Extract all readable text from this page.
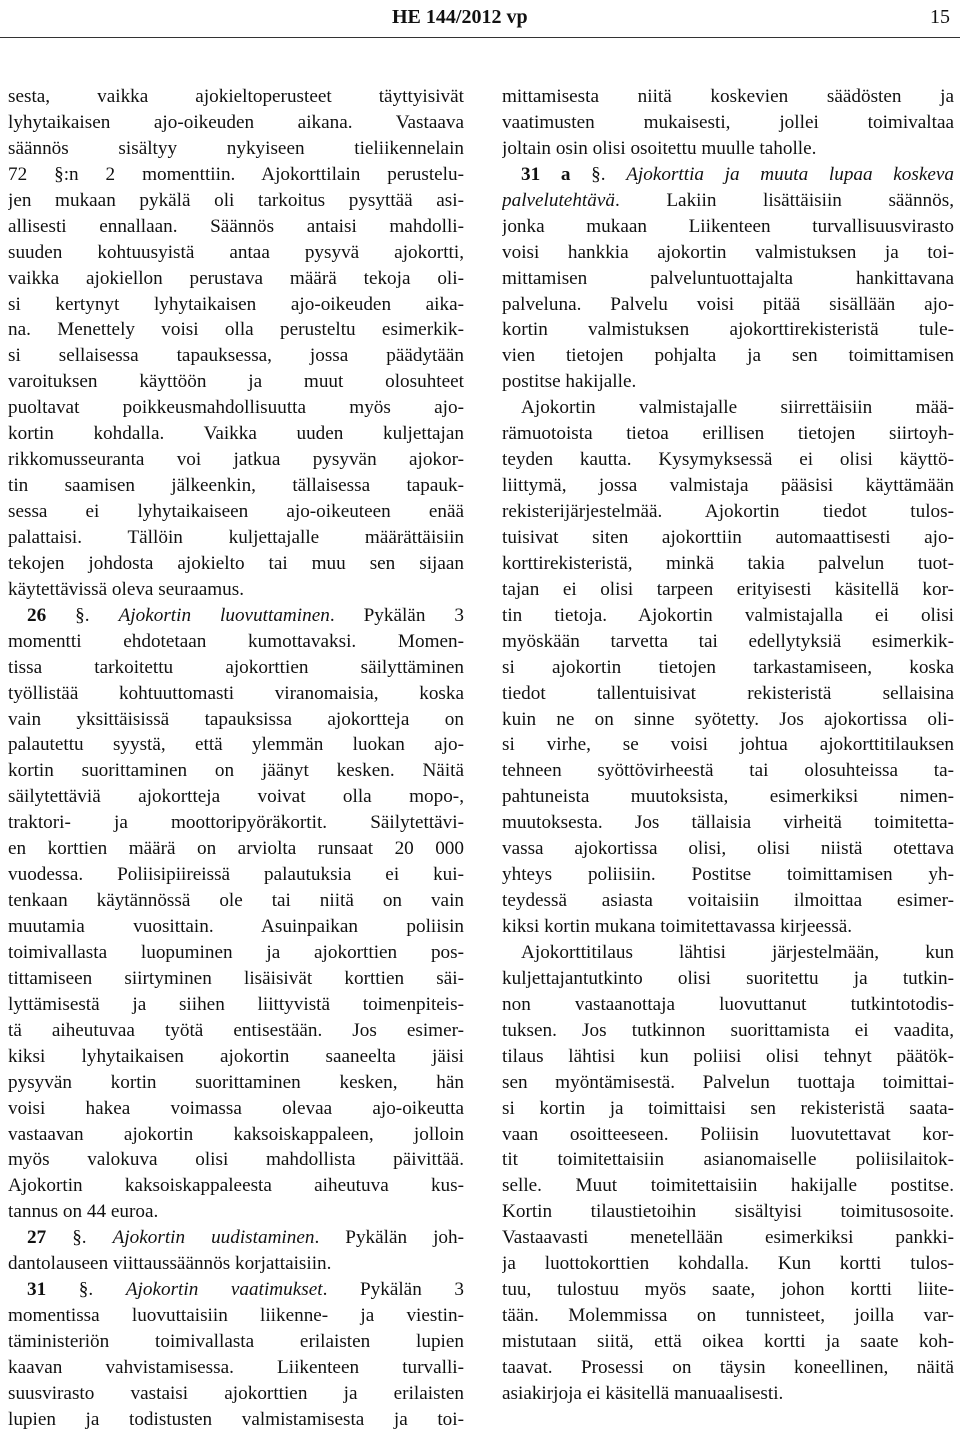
HE 144/2012 vp	15
sesta, vaikka ajokieltoperusteet täyttyisivät
lyhytaikaisen ajo-oikeuden aikana. Vastaava
säännös sisältyy nykyiseen tieliikennelain
72 §:n 2 momenttiin. Ajokorttilain perustelu-
jen mukaan pykälä oli tarkoitus pysyttää asi-
allisesti ennallaan. Säännös antaisi mahdolli-
suuden kohtuusyistä antaa pysyvä ajokortti,
vaikka ajokiellon perustava määrä tekoja oli-
si kertynyt lyhytaikaisen ajo-oikeuden aika-
na. Menettely voisi olla perusteltu esimerkik-
si sellaisessa tapauksessa, jossa päädytään
varoituksen käyttöön ja muut olosuhteet
puoltavat poikkeusmahdollisuutta myös ajo-
kortin kohdalla. Vaikka uuden kuljettajan
rikkomusseuranta voi jatkua pysyvän ajokor-
tin saamisen jälkeenkin, tällaisessa tapauk-
sessa ei lyhytaikaiseen ajo-oikeuteen enää
palattaisi. Tällöin kuljettajalle määrättäisiin
tekojen johdosta ajokielto tai muu sen sijaan
käytettävissä oleva seuraamus.
26 §. Ajokortin luovuttaminen. Pykälän 3
momentti ehdotetaan kumottavaksi. Momen-
tissa tarkoitettu ajokorttien säilyttäminen
työllistää kohtuuttomasti viranomaisia, koska
vain yksittäisissä tapauksissa ajokortteja on
palautettu syystä, että ylemmän luokan ajo-
kortin suorittaminen on jäänyt kesken. Näitä
säilytettäviä ajokortteja voivat olla mopo-,
traktori- ja moottoripyöräkortit. Säilytettävi-
en korttien määrä on arviolta runsaat 20 000
vuodessa. Poliisipiireissä palautuksia ei kui-
tenkaan käytännössä ole tai niitä on vain
muutamia vuosittain. Asuinpaikan poliisin
toimivallasta luopuminen ja ajokorttien pos-
tittamiseen siirtyminen lisäisivät korttien säi-
lyttämisestä ja siihen liittyvistä toimenpiteis-
tä aiheutuvaa työtä entisestään. Jos esimer-
kiksi lyhytaikaisen ajokortin saaneelta jäisi
pysyvän kortin suorittaminen kesken, hän
voisi hakea voimassa olevaa ajo-oikeutta
vastaavan ajokortin kaksoiskappaleen, jolloin
myös valokuva olisi mahdollista päivittää.
Ajokortin kaksoiskappaleesta aiheutuva kus-
tannus on 44 euroa.
27 §. Ajokortin uudistaminen. Pykälän joh-
dantolauseen viittaussäännös korjattaisiin.
31 §. Ajokortin vaatimukset. Pykälän 3
momentissa luovuttaisiin liikenne- ja viestin-
täministeriön toimivallasta erilaisten lupien
kaavan vahvistamisessa. Liikenteen turvalli-
suusvirasto vastaisi ajokorttien ja erilaisten
lupien ja todistusten valmistamisesta ja toi-
mittamisesta niitä koskevien säädösten ja
vaatimusten mukaisesti, jollei toimivaltaa
joltain osin olisi osoitettu muulle taholle.
31 a §. Ajokorttia ja muuta lupaa koskeva
palvelutehtävä. Lakiin lisättäisiin säännös,
jonka mukaan Liikenteen turvallisuusvirasto
voisi hankkia ajokortin valmistuksen ja toi-
mittamisen palveluntuottajalta hankittavana
palveluna. Palvelu voisi pitää sisällään ajo-
kortin valmistuksen ajokorttirekisteristä tule-
vien tietojen pohjalta ja sen toimittamisen
postitse hakijalle.
Ajokortin valmistajalle siirrettäisiin mää-
rämuotoista tietoa erillisen tietojen siirtoyh-
teyden kautta. Kysymyksessä ei olisi käyttö-
liittymä, jossa valmistaja pääsisi käyttämään
rekisterijärjestelmää. Ajokortin tiedot tulos-
tuisivat siten ajokorttiin automaattisesti ajo-
korttirekisteristä, minkä takia palvelun tuot-
tajan ei olisi tarpeen erityisesti käsitellä kor-
tin tietoja. Ajokortin valmistajalla ei olisi
myöskään tarvetta tai edellytyksiä esimerkik-
si ajokortin tietojen tarkastamiseen, koska
tiedot tallentuisivat rekisteristä sellaisina
kuin ne on sinne syötetty. Jos ajokortissa oli-
si virhe, se voisi johtua ajokorttitilauksen
tehneen syöttövirheestä tai olosuhteissa ta-
pahtuneista muutoksista, esimerkiksi nimen-
muutoksesta. Jos tällaisia virheitä toimitetta-
vassa ajokortissa olisi, olisi niistä otettava
yhteys poliisiin. Postitse toimittamisen yh-
teydessä asiasta voitaisiin ilmoittaa esimer-
kiksi kortin mukana toimitettavassa kirjeessä.
Ajokorttitilaus lähtisi järjestelmään, kun
kuljettajantutkinto olisi suoritettu ja tutkin-
non vastaanottaja luovuttanut tutkintotodis-
tuksen. Jos tutkinnon suorittamista ei vaadita,
tilaus lähtisi kun poliisi olisi tehnyt päätök-
sen myöntämisestä. Palvelun tuottaja toimittai-
si kortin ja toimittaisi sen rekisteristä saata-
vaan osoitteeseen. Poliisin luovutettavat kor-
tit toimitettaisiin asianomaiselle poliisilaitok-
selle. Muut toimitettaisiin hakijalle postitse.
Kortin tilaustietoihin sisältyisi toimitusosoite.
Vastaavasti menetellään esimerkiksi pankki-
ja luottokorttien kohdalla. Kun kortti tulos-
tuu, tulostuu myös saate, johon kortti liite-
tään. Molemmissa on tunnisteet, joilla var-
mistutaan siitä, että oikea kortti ja saate koh-
taavat. Prosessi on täysin koneellinen, näitä
asiakirjoja ei käsitellä manuaalisesti.
